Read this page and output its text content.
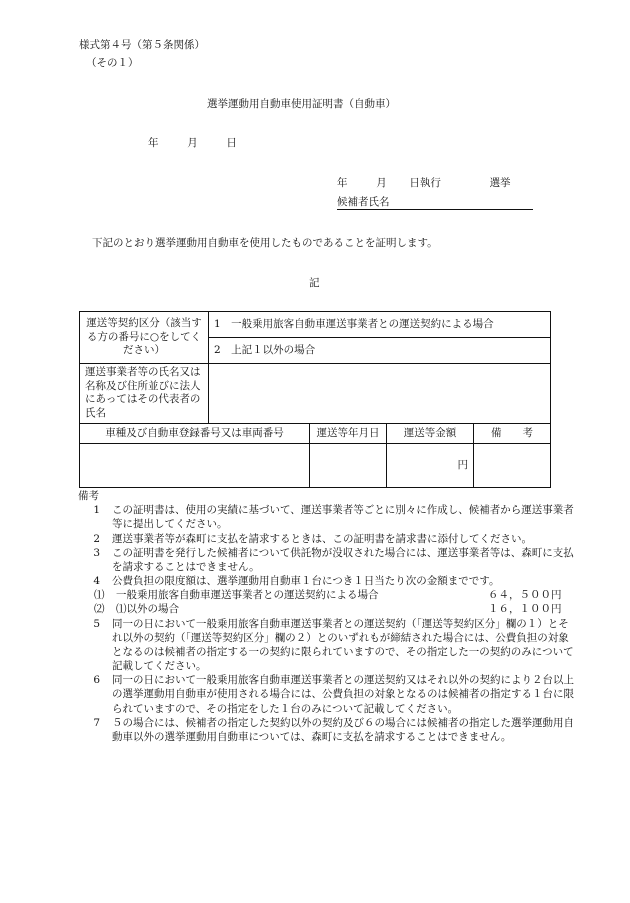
様式第４号（第５条関係）
（その１）
選挙運動用自動車使用証明書（自動車）
年	月	日
年	月 日執行	選挙
候補者氏名
下記のとおり選挙運動用自動車を使用したものであることを証明します。
記
運送等契約区分（該当する方の番号に○をしてください）	1　一般乗用旅客自動車運送事業者との運送契約による場合			
	2　上記１以外の場合			
運送事業者等の氏名又は名称及び住所並びに法人にあってはその代表者の氏名				
車種及び自動車登録番号又は車両番号		運送等年月日	運送等金額	備　　考
			円	
備考
1	この証明書は、使用の実績に基づいて、運送事業者等ごとに別々に作成し、候補者から運送事業者等に提出してください。
2	運送事業者等が森町に支払を請求するときは、この証明書を請求書に添付してください。
3	この証明書を発行した候補者について供託物が没収された場合には、運送事業者等は、森町に支払を請求することはできません。
4	公費負担の限度額は、選挙運動用自動車１台につき１日当たり次の金額までです。
⑴	一般乗用旅客自動車運送事業者との運送契約による場合	６４，５００円
⑵	⑴以外の場合	１６，１００円
5	同一の日において一般乗用旅客自動車運送事業者との運送契約（「運送等契約区分」欄の１）とそれ以外の契約（「運送等契約区分」欄の２）とのいずれもが締結された場合には、公費負担の対象となるのは候補者の指定する一の契約に限られていますので、その指定した一の契約のみについて記載してください。
6	同一の日において一般乗用旅客自動車運送事業者との運送契約又はそれ以外の契約により２台以上の選挙運動用自動車が使用される場合には、公費負担の対象となるのは候補者の指定する１台に限られていますので、その指定をした１台のみについて記載してください。
7	５の場合には、候補者の指定した契約以外の契約及び６の場合には候補者の指定した選挙運動用自動車以外の選挙運動用自動車については、森町に支払を請求することはできません。
